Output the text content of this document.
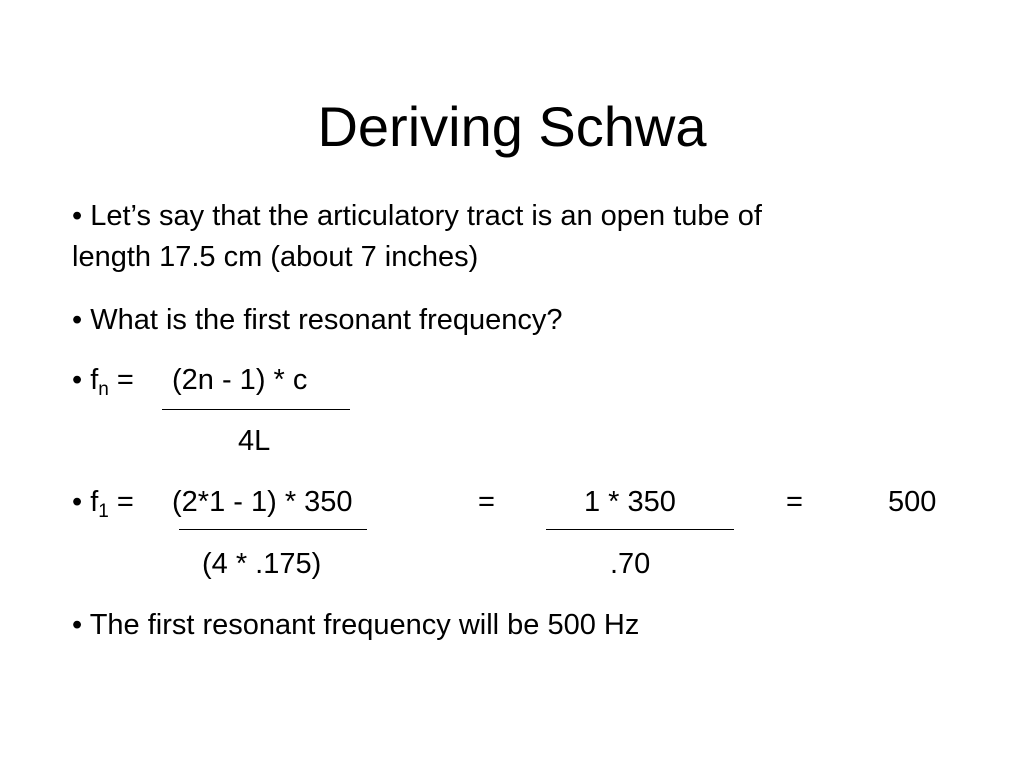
Deriving Schwa
• Let’s say that the articulatory tract is an open tube of
length 17.5 cm (about 7 inches)
• What is the first resonant frequency?
• $f_n = (2n - 1) * c$
4L
• $f_1 = (2*1 - 1) * 350$	=	1 * 350	=	500
(4 * .175)	.70
• The first resonant frequency will be 500 Hz
